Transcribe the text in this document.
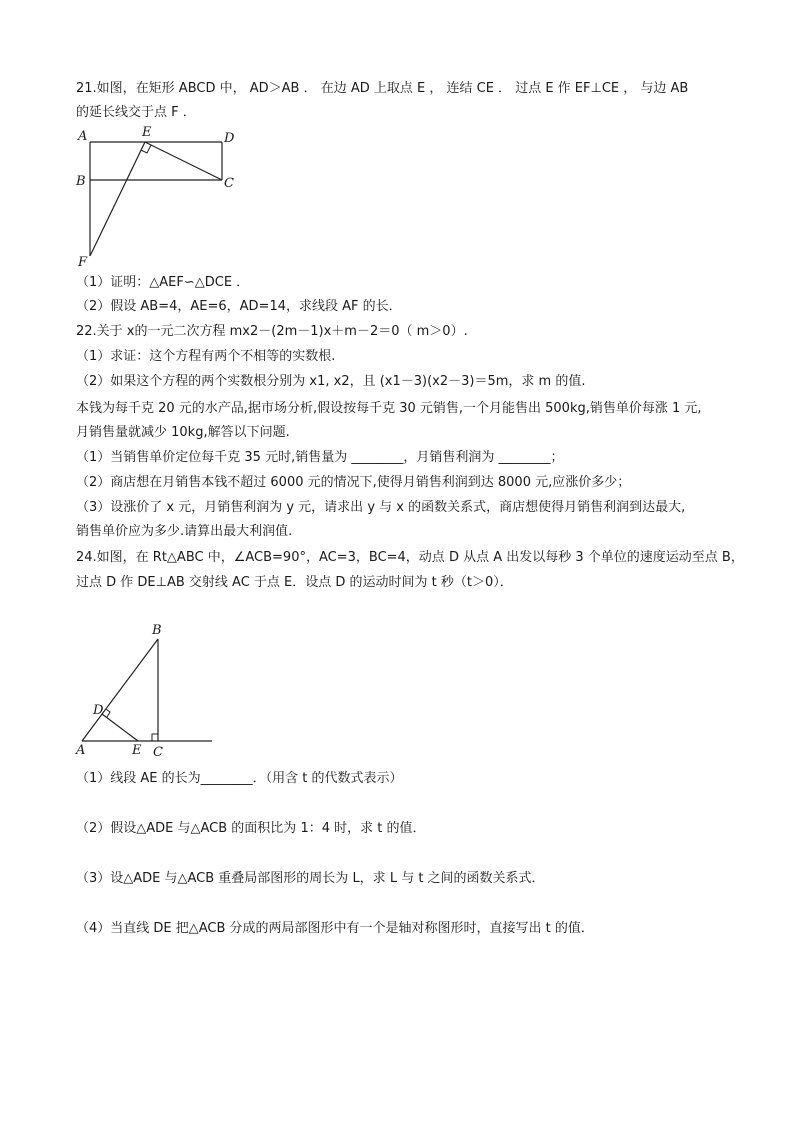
21.如图，在矩形 ABCD 中， AD＞AB ． 在边 AD 上取点 E ， 连结 CE ． 过点 E 作 EF⊥CE ， 与边 AB
的延长线交于点 F ．
A	E	D
B	C
F
（1）证明：△AEF∽△DCE ．
（2）假设 AB=4，AE=6，AD=14，求线段 AF 的长．
22.关于 x的一元二次方程 mx2－(2m－1)x＋m－2＝0（ m＞0）.
（1）求证：这个方程有两个不相等的实数根.
（2）如果这个方程的两个实数根分别为 x1, x2，且 (x1－3)(x2－3)＝5m，求 m 的值.
本钱为每千克 20 元的水产品,据市场分析,假设按每千克 30 元销售,一个月能售出 500kg,销售单价每涨 1 元,
月销售量就减少 10kg,解答以下问题.
（1）当销售单价定位每千克 35 元时,销售量为 ________，月销售利润为 ________；
（2）商店想在月销售本钱不超过 6000 元的情况下,使得月销售利润到达 8000 元,应涨价多少；
（3）设涨价了 x 元，月销售利润为 y 元，请求出 y 与 x 的函数关系式，商店想使得月销售利润到达最大,
销售单价应为多少.请算出最大利润值.
24.如图，在 Rt△ABC 中，∠ACB=90°，AC=3，BC=4，动点 D 从点 A 出发以每秒 3 个单位的速度运动至点 B，
过点 D 作 DE⊥AB 交射线 AC 于点 E．设点 D 的运动时间为 t 秒（t＞0）．
B
D
A	E C
（1）线段 AE 的长为________．（用含 t 的代数式表示）
（2）假设△ADE 与△ACB 的面积比为 1：4 时，求 t 的值．
（3）设△ADE 与△ACB 重叠局部图形的周长为 L，求 L 与 t 之间的函数关系式．
（4）当直线 DE 把△ACB 分成的两局部图形中有一个是轴对称图形时，直接写出 t 的值．
